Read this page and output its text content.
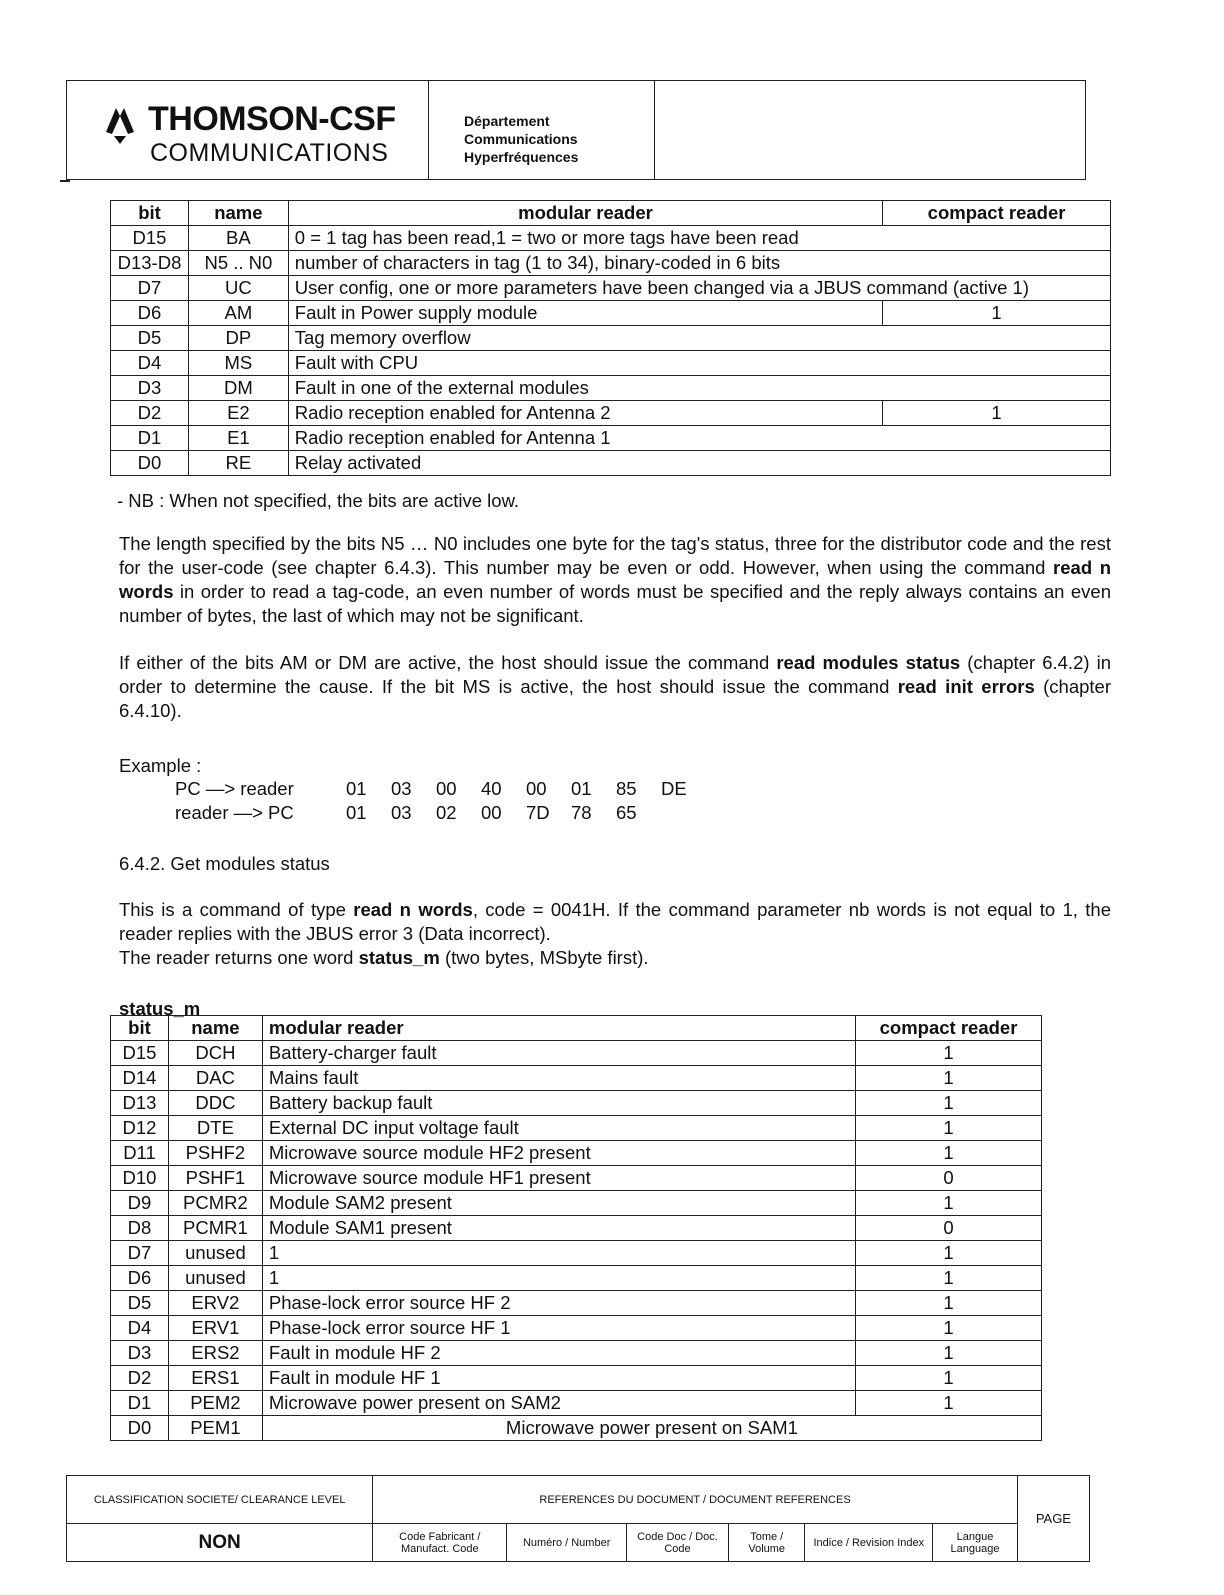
THOMSON-CSF
COMMUNICATIONS
Département
Communications
Hyperfréquences
bit	name	modular reader	compact reader
D15	BA	0 = 1 tag has been read,1 = two or more tags have been read	
D13-D8	N5 .. N0	number of characters in tag (1 to 34), binary-coded in 6 bits	
D7	UC	User config, one or more parameters have been changed via a JBUS command (active 1)	
D6	AM	Fault in Power supply module	1
D5	DP	Tag memory overflow	
D4	MS	Fault with CPU	
D3	DM	Fault in one of the external modules	
D2	E2	Radio reception enabled for Antenna 2	1
D1	E1	Radio reception enabled for Antenna 1	
D0	RE	Relay activated	
- NB : When not specified, the bits are active low.
The length specified by the bits N5 … N0 includes one byte for the tag's status, three for the distributor code and the rest for the user-code (see chapter 6.4.3). This number may be even or odd. However, when using the command read n words in order to read a tag-code, an even number of words must be specified and the reply always contains an even number of bytes, the last of which may not be significant.
If either of the bits AM or DM are active, the host should issue the command read modules status (chapter 6.4.2) in order to determine the cause. If the bit MS is active, the host should issue the command read init errors (chapter 6.4.10).
Example :
PC —> reader	01 03 00 40 00 01 85 DE
reader —> PC	01 03 02 00 7D 78 65
6.4.2. Get modules status
This is a command of type read n words, code = 0041H. If the command parameter nb words is not equal to 1, the reader replies with the JBUS error 3 (Data incorrect).
The reader returns one word status_m (two bytes, MSbyte first).
status_m
bit	name	modular reader	compact reader
D15	DCH	Battery-charger fault	1
D14	DAC	Mains fault	1
D13	DDC	Battery backup fault	1
D12	DTE	External DC input voltage fault	1
D11	PSHF2	Microwave source module HF2 present	1
D10	PSHF1	Microwave source module HF1 present	0
D9	PCMR2	Module SAM2 present	1
D8	PCMR1	Module SAM1 present	0
D7	unused	1	1
D6	unused	1	1
D5	ERV2	Phase-lock error source HF 2	1
D4	ERV1	Phase-lock error source HF 1	1
D3	ERS2	Fault in module HF 2	1
D2	ERS1	Fault in module HF 1	1
D1	PEM2	Microwave power present on SAM2	1
D0	PEM1	Microwave power present on SAM1	
CLASSIFICATION SOCIETE/ CLEARANCE LEVEL	REFERENCES DU DOCUMENT / DOCUMENT REFERENCES						PAGE
NON	Code Fabricant / Manufact. Code	Numéro / Number	Code Doc / Doc. Code	Tome / Volume	Indice / Revision Index	Langue Language	
